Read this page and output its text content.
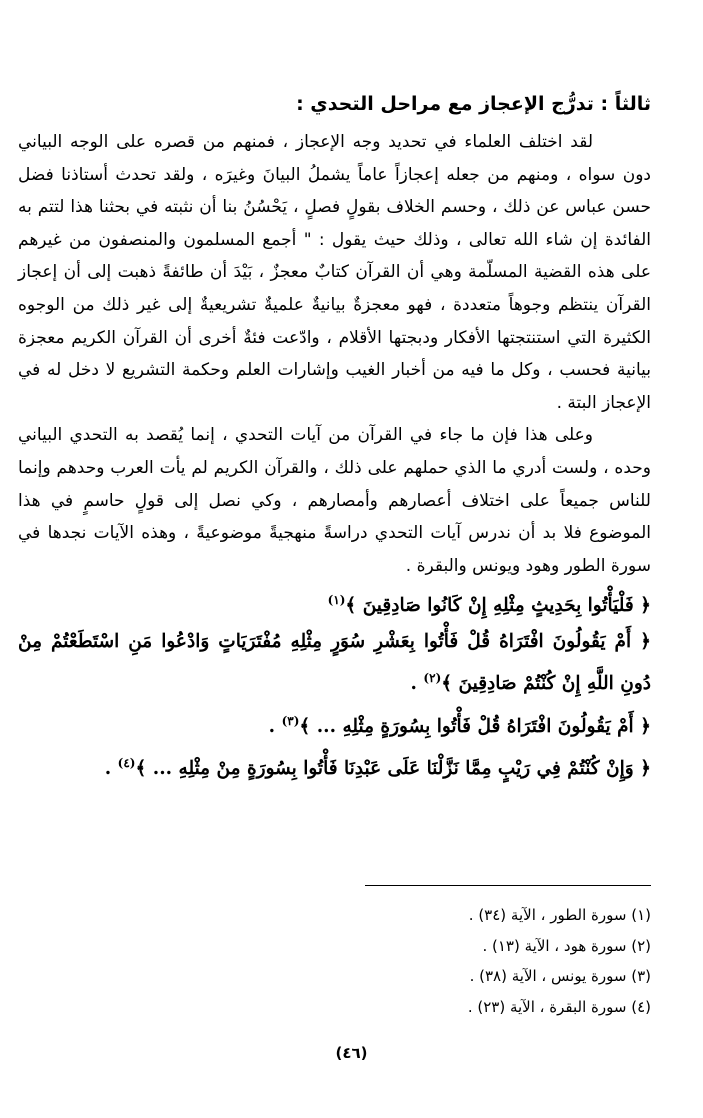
ثالثاً : تدرُّج الإعجاز مع مراحل التحدي :

لقد اختلف العلماء في تحديد وجه الإعجاز ، فمنهم من قصره على الوجه البياني دون سواه ، ومنهم من جعله إعجازاً عاماً يشملُ البيانَ وغيرَه ، ولقد تحدث أستاذنا فضل حسن عباس عن ذلك ، وحسم الخلاف بقولٍ فصلٍ ، يَحْسُنُ بنا أن نثبته في بحثنا هذا لتتم به الفائدة إن شاء الله تعالى ، وذلك حيث يقول : " أجمع المسلمون والمنصفون من غيرهم على هذه القضية المسلّمة وهي أن القرآن كتابٌ معجزٌ ، بَيْدَ أن طائفةً ذهبت إلى أن إعجاز القرآن ينتظم وجوهاً متعددة ، فهو معجزةٌ بيانيةٌ علميةٌ تشريعيةٌ إلى غير ذلك من الوجوه الكثيرة التي استنتجتها الأفكار ودبجتها الأقلام ، وادّعت فئةٌ أخرى أن القرآن الكريم معجزة بيانية فحسب ، وكل ما فيه من أخبار الغيب وإشارات العلم وحكمة التشريع لا دخل له في الإعجاز البتة .

وعلى هذا فإن ما جاء في القرآن من آيات التحدي ، إنما يُقصد به التحدي البياني وحده ، ولست أدري ما الذي حملهم على ذلك ، والقرآن الكريم لم يأت العرب وحدهم وإنما للناس جميعاً على اختلاف أعصارهم وأمصارهم ، وكي نصل إلى قولٍ حاسمٍ في هذا الموضوع فلا بد أن ندرس آيات التحدي دراسةً منهجيةً موضوعيةً ، وهذه الآيات نجدها في سورة الطور وهود ويونس والبقرة .

﴿ فَلْيَأْتُوا بِحَدِيثٍ مِثْلِهِ إِنْ كَانُوا صَادِقِينَ ﴾$^{(١)}$

﴿ أَمْ يَقُولُونَ افْتَرَاهُ قُلْ فَأْتُوا بِعَشْرِ سُوَرٍ مِثْلِهِ مُفْتَرَيَاتٍ وَادْعُوا مَنِ اسْتَطَعْتُمْ مِنْ دُونِ اللَّهِ إِنْ كُنْتُمْ صَادِقِينَ ﴾$^{(٢)}$ .

﴿ أَمْ يَقُولُونَ افْتَرَاهُ قُلْ فَأْتُوا بِسُورَةٍ مِثْلِهِ ... ﴾$^{(٣)}$ .

﴿ وَإِنْ كُنْتُمْ فِي رَيْبٍ مِمَّا نَزَّلْنَا عَلَى عَبْدِنَا فَأْتُوا بِسُورَةٍ مِنْ مِثْلِهِ ... ﴾$^{(٤)}$ .

(١) سورة الطور ، الآية (٣٤) .

(٢) سورة هود ، الآية (١٣) .

(٣) سورة يونس ، الآية (٣٨) .

(٤) سورة البقرة ، الآية (٢٣) .

(٤٦)
